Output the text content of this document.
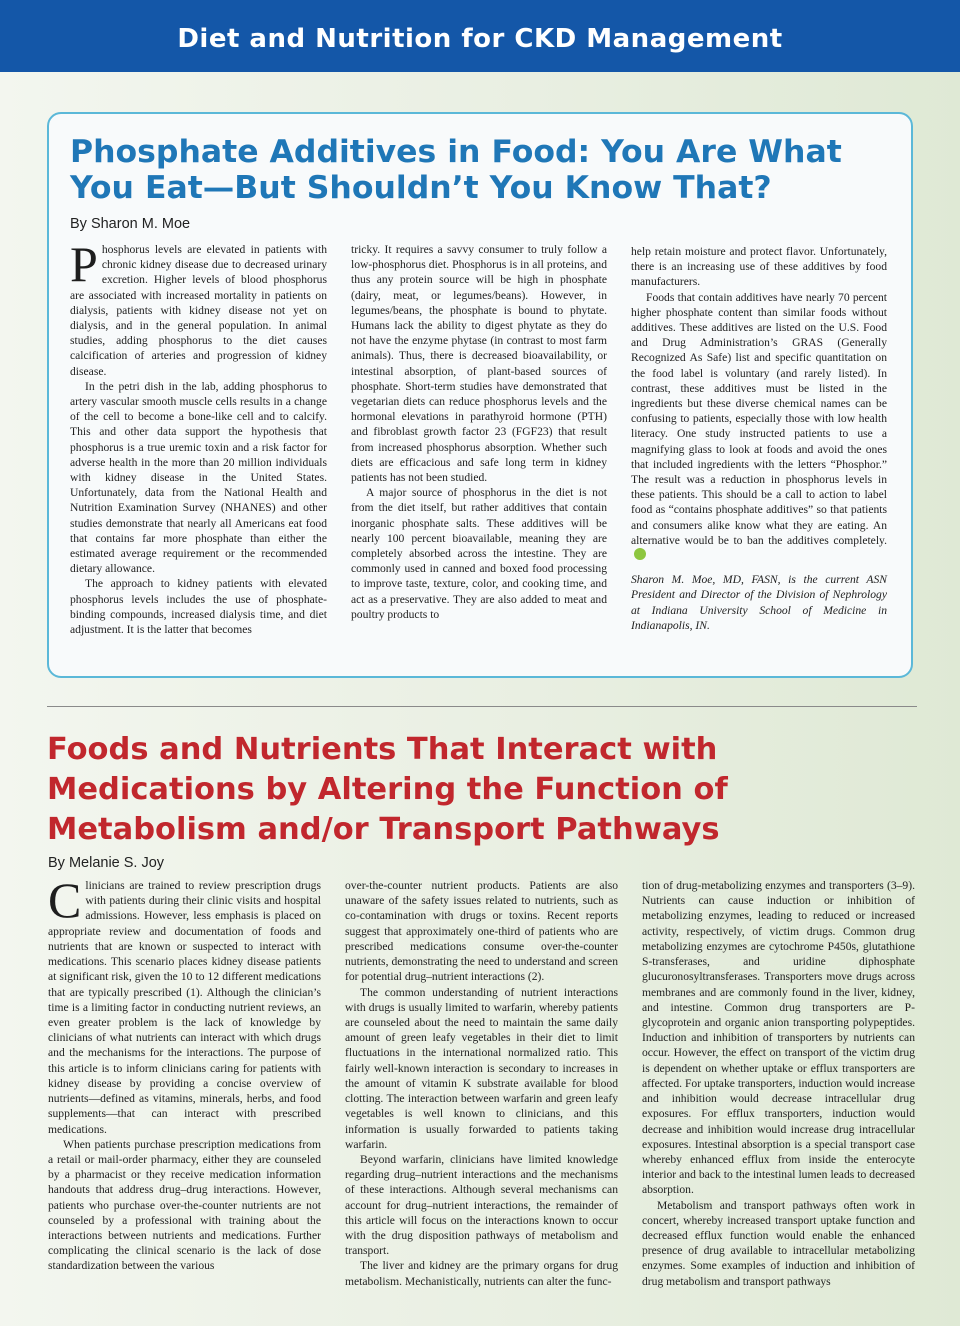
Diet and Nutrition for CKD Management
Phosphate Additives in Food: You Are What You Eat—But Shouldn’t You Know That?
By Sharon M. Moe

Phosphorus levels are elevated in patients with chronic kidney disease due to decreased urinary excretion. Higher levels of blood phosphorus are associated with increased mortality in patients on dialysis, patients with kidney disease not yet on dialysis, and in the general population. In animal studies, adding phosphorus to the diet causes calcification of arteries and progression of kidney disease.

In the petri dish in the lab, adding phosphorus to artery vascular smooth muscle cells results in a change of the cell to become a bone-like cell and to calcify. This and other data support the hypothesis that phosphorus is a true uremic toxin and a risk factor for adverse health in the more than 20 million individuals with kidney disease in the United States. Unfortunately, data from the National Health and Nutrition Examination Survey (NHANES) and other studies demonstrate that nearly all Americans eat food that contains far more phosphate than either the estimated average requirement or the recommended dietary allowance.

The approach to kidney patients with elevated phosphorus levels includes the use of phosphate-binding compounds, increased dialysis time, and diet adjustment. It is the latter that becomes

tricky. It requires a savvy consumer to truly follow a low-phosphorus diet. Phosphorus is in all proteins, and thus any protein source will be high in phosphate (dairy, meat, or legumes/beans). However, in legumes/beans, the phosphate is bound to phytate. Humans lack the ability to digest phytate as they do not have the enzyme phytase (in contrast to most farm animals). Thus, there is decreased bioavailability, or intestinal absorption, of plant-based sources of phosphate. Short-term studies have demonstrated that vegetarian diets can reduce phosphorus levels and the hormonal elevations in parathyroid hormone (PTH) and fibroblast growth factor 23 (FGF23) that result from increased phosphorus absorption. Whether such diets are efficacious and safe long term in kidney patients has not been studied.

A major source of phosphorus in the diet is not from the diet itself, but rather additives that contain inorganic phosphate salts. These additives will be nearly 100 percent bioavailable, meaning they are completely absorbed across the intestine. They are commonly used in canned and boxed food processing to improve taste, texture, color, and cooking time, and act as a preservative. They are also added to meat and poultry products to

help retain moisture and protect flavor. Unfortunately, there is an increasing use of these additives by food manufacturers.

Foods that contain additives have nearly 70 percent higher phosphate content than similar foods without additives. These additives are listed on the U.S. Food and Drug Administration’s GRAS (Generally Recognized As Safe) list and specific quantitation on the food label is voluntary (and rarely listed). In contrast, these additives must be listed in the ingredients but these diverse chemical names can be confusing to patients, especially those with low health literacy. One study instructed patients to use a magnifying glass to look at foods and avoid the ones that included ingredients with the letters “Phosphor.” The result was a reduction in phosphorus levels in these patients. This should be a call to action to label food as “contains phosphate additives” so that patients and consumers alike know what they are eating. An alternative would be to ban the additives completely.

Sharon M. Moe, MD, FASN, is the current ASN President and Director of the Division of Nephrology at Indiana University School of Medicine in Indianapolis, IN.

Foods and Nutrients That Interact with Medications by Altering the Function of Metabolism and/or Transport Pathways
By Melanie S. Joy

Clinicians are trained to review prescription drugs with patients during their clinic visits and hospital admissions. However, less emphasis is placed on appropriate review and documentation of foods and nutrients that are known or suspected to interact with medications. This scenario places kidney disease patients at significant risk, given the 10 to 12 different medications that are typically prescribed (1). Although the clinician’s time is a limiting factor in conducting nutrient reviews, an even greater problem is the lack of knowledge by clinicians of what nutrients can interact with which drugs and the mechanisms for the interactions. The purpose of this article is to inform clinicians caring for patients with kidney disease by providing a concise overview of nutrients—defined as vitamins, minerals, herbs, and food supplements—that can interact with prescribed medications.

When patients purchase prescription medications from a retail or mail-order pharmacy, either they are counseled by a pharmacist or they receive medication information handouts that address drug–drug interactions. However, patients who purchase over-the-counter nutrients are not counseled by a professional with training about the interactions between nutrients and medications. Further complicating the clinical scenario is the lack of dose standardization between the various

over-the-counter nutrient products. Patients are also unaware of the safety issues related to nutrients, such as co-contamination with drugs or toxins. Recent reports suggest that approximately one-third of patients who are prescribed medications consume over-the-counter nutrients, demonstrating the need to understand and screen for potential drug–nutrient interactions (2).

The common understanding of nutrient interactions with drugs is usually limited to warfarin, whereby patients are counseled about the need to maintain the same daily amount of green leafy vegetables in their diet to limit fluctuations in the international normalized ratio. This fairly well-known interaction is secondary to increases in the amount of vitamin K substrate available for blood clotting. The interaction between warfarin and green leafy vegetables is well known to clinicians, and this information is usually forwarded to patients taking warfarin.

Beyond warfarin, clinicians have limited knowledge regarding drug–nutrient interactions and the mechanisms of these interactions. Although several mechanisms can account for drug–nutrient interactions, the remainder of this article will focus on the interactions known to occur with the drug disposition pathways of metabolism and transport.

The liver and kidney are the primary organs for drug metabolism. Mechanistically, nutrients can alter the func-

tion of drug-metabolizing enzymes and transporters (3–9). Nutrients can cause induction or inhibition of metabolizing enzymes, leading to reduced or increased activity, respectively, of victim drugs. Common drug metabolizing enzymes are cytochrome P450s, glutathione S-transferases, and uridine diphosphate glucuronosyltransferases. Transporters move drugs across membranes and are commonly found in the liver, kidney, and intestine. Common drug transporters are P-glycoprotein and organic anion transporting polypeptides. Induction and inhibition of transporters by nutrients can occur. However, the effect on transport of the victim drug is dependent on whether uptake or efflux transporters are affected. For uptake transporters, induction would increase and inhibition would decrease intracellular drug exposures. For efflux transporters, induction would decrease and inhibition would increase drug intracellular exposures. Intestinal absorption is a special transport case whereby enhanced efflux from inside the enterocyte interior and back to the intestinal lumen leads to decreased absorption.

Metabolism and transport pathways often work in concert, whereby increased transport uptake function and decreased efflux function would enable the enhanced presence of drug available to intracellular metabolizing enzymes. Some examples of induction and inhibition of drug metabolism and transport pathways
